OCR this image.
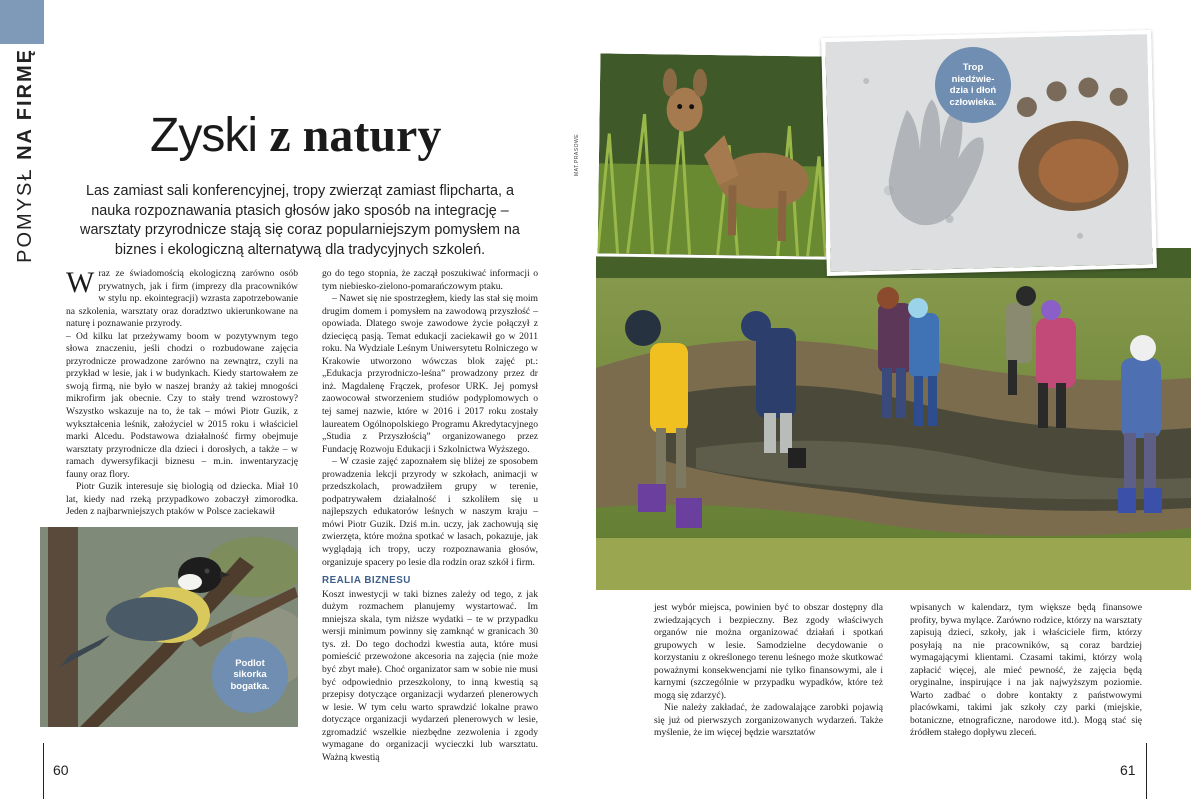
POMYSŁ NA FIRMĘ Zyski z natury
Las zamiast sali konferencyjnej, tropy zwierząt zamiast flipcharta, a nauka rozpoznawania ptasich głosów jako sposób na integrację – warsztaty przyrodnicze stają się coraz popularniejszym pomysłem na biznes i ekologiczną alternatywą dla tradycyjnych szkoleń.

Wraz ze świadomością ekologiczną zarówno osób prywatnych, jak i firm (imprezy dla pracowników w stylu np. ekointegracji) wzrasta zapotrzebowanie na szkolenia, warsztaty oraz doradztwo ukierunkowane na naturę i poznawanie przyrody.

– Od kilku lat przeżywamy boom w pozytywnym tego słowa znaczeniu, jeśli chodzi o rozbudowane zajęcia przyrodnicze prowadzone zarówno na zewnątrz, czyli na przykład w lesie, jak i w budynkach. Kiedy startowałem ze swoją firmą, nie było w naszej branży aż takiej mnogości mikrofirm jak obecnie. Czy to stały trend wzrostowy? Wszystko wskazuje na to, że tak – mówi Piotr Guzik, z wykształcenia leśnik, założyciel w 2015 roku i właściciel marki Alcedu. Podstawowa działalność firmy obejmuje warsztaty przyrodnicze dla dzieci i dorosłych, a także – w ramach dywersyfikacji biznesu – m.in. inwentaryzację fauny oraz flory.

Piotr Guzik interesuje się biologią od dziecka. Miał 10 lat, kiedy nad rzeką przypadkowo zobaczył zimorodka. Jeden z najbarwniejszych ptaków w Polsce zaciekawił

go do tego stopnia, że zaczął poszukiwać informacji o tym niebiesko-zielono-pomarańczowym ptaku.

– Nawet się nie spostrzegłem, kiedy las stał się moim drugim domem i pomysłem na zawodową przyszłość – opowiada. Dlatego swoje zawodowe życie połączył z dziecięcą pasją. Temat edukacji zaciekawił go w 2011 roku. Na Wydziale Leśnym Uniwersytetu Rolniczego w Krakowie utworzono wówczas blok zajęć pt.: „Edukacja przyrodniczo-leśna” prowadzony przez dr inż. Magdalenę Frączek, profesor URK. Jej pomysł zaowocował stworzeniem studiów podyplomowych o tej samej nazwie, które w 2016 i 2017 roku zostały laureatem Ogólnopolskiego Programu Akredytacyjnego „Studia z Przyszłością” organizowanego przez Fundację Rozwoju Edukacji i Szkolnictwa Wyższego.

– W czasie zajęć zapoznałem się bliżej ze sposobem prowadzenia lekcji przyrody w szkołach, animacji w przedszkolach, prowadziłem grupy w terenie, podpatrywałem działalność i szkoliłem się u najlepszych edukatorów leśnych w naszym kraju – mówi Piotr Guzik. Dziś m.in. uczy, jak zachowują się zwierzęta, które można spotkać w lasach, pokazuje, jak wyglądają ich tropy, uczy rozpoznawania głosów, organizuje spacery po lesie dla rodzin oraz szkół i firm.

REALIA BIZNESU

Koszt inwestycji w taki biznes zależy od tego, z jak dużym rozmachem planujemy wystartować. Im mniejsza skala, tym niższe wydatki – te w przypadku wersji minimum powinny się zamknąć w granicach 30 tys. zł. Do tego dochodzi kwestia auta, które musi pomieścić przewożone akcesoria na zajęcia (nie może być zbyt małe). Choć organizator sam w sobie nie musi być odpowiednio przeszkolony, to inną kwestią są przepisy dotyczące organizacji wydarzeń plenerowych w lesie. W tym celu warto sprawdzić lokalne prawo dotyczące organizacji wydarzeń plenerowych w lesie, zgromadzić wszelkie niezbędne zezwolenia i zgody wymagane do organizacji wycieczki lub warsztatu. Ważną kwestią

Podlot
sikorka
bogatka.
60
MAT.PRASOWE
Trop
niedźwie-
dzia i dłoń
człowieka.

jest wybór miejsca, powinien być to obszar dostępny dla zwiedzających i bezpieczny. Bez zgody właściwych organów nie można organizować działań i spotkań grupowych w lesie. Samodzielne decydowanie o korzystaniu z określonego terenu leśnego może skutkować poważnymi konsekwencjami nie tylko finansowymi, ale i karnymi (szczególnie w przypadku wypadków, które też mogą się zdarzyć).

Nie należy zakładać, że zadowalające zarobki pojawią się już od pierwszych zorganizowanych wydarzeń. Także myślenie, że im więcej będzie warsztatów

wpisanych w kalendarz, tym większe będą finansowe profity, bywa mylące. Zarówno rodzice, którzy na warsztaty zapisują dzieci, szkoły, jak i właściciele firm, którzy posyłają na nie pracowników, są coraz bardziej wymagającymi klientami. Czasami takimi, którzy wolą zapłacić więcej, ale mieć pewność, że zajęcia będą oryginalne, inspirujące i na jak najwyższym poziomie. Warto zadbać o dobre kontakty z państwowymi placówkami, takimi jak szkoły czy parki (miejskie, botaniczne, etnograficzne, narodowe itd.). Mogą stać się źródłem stałego dopływu zleceń.

61
